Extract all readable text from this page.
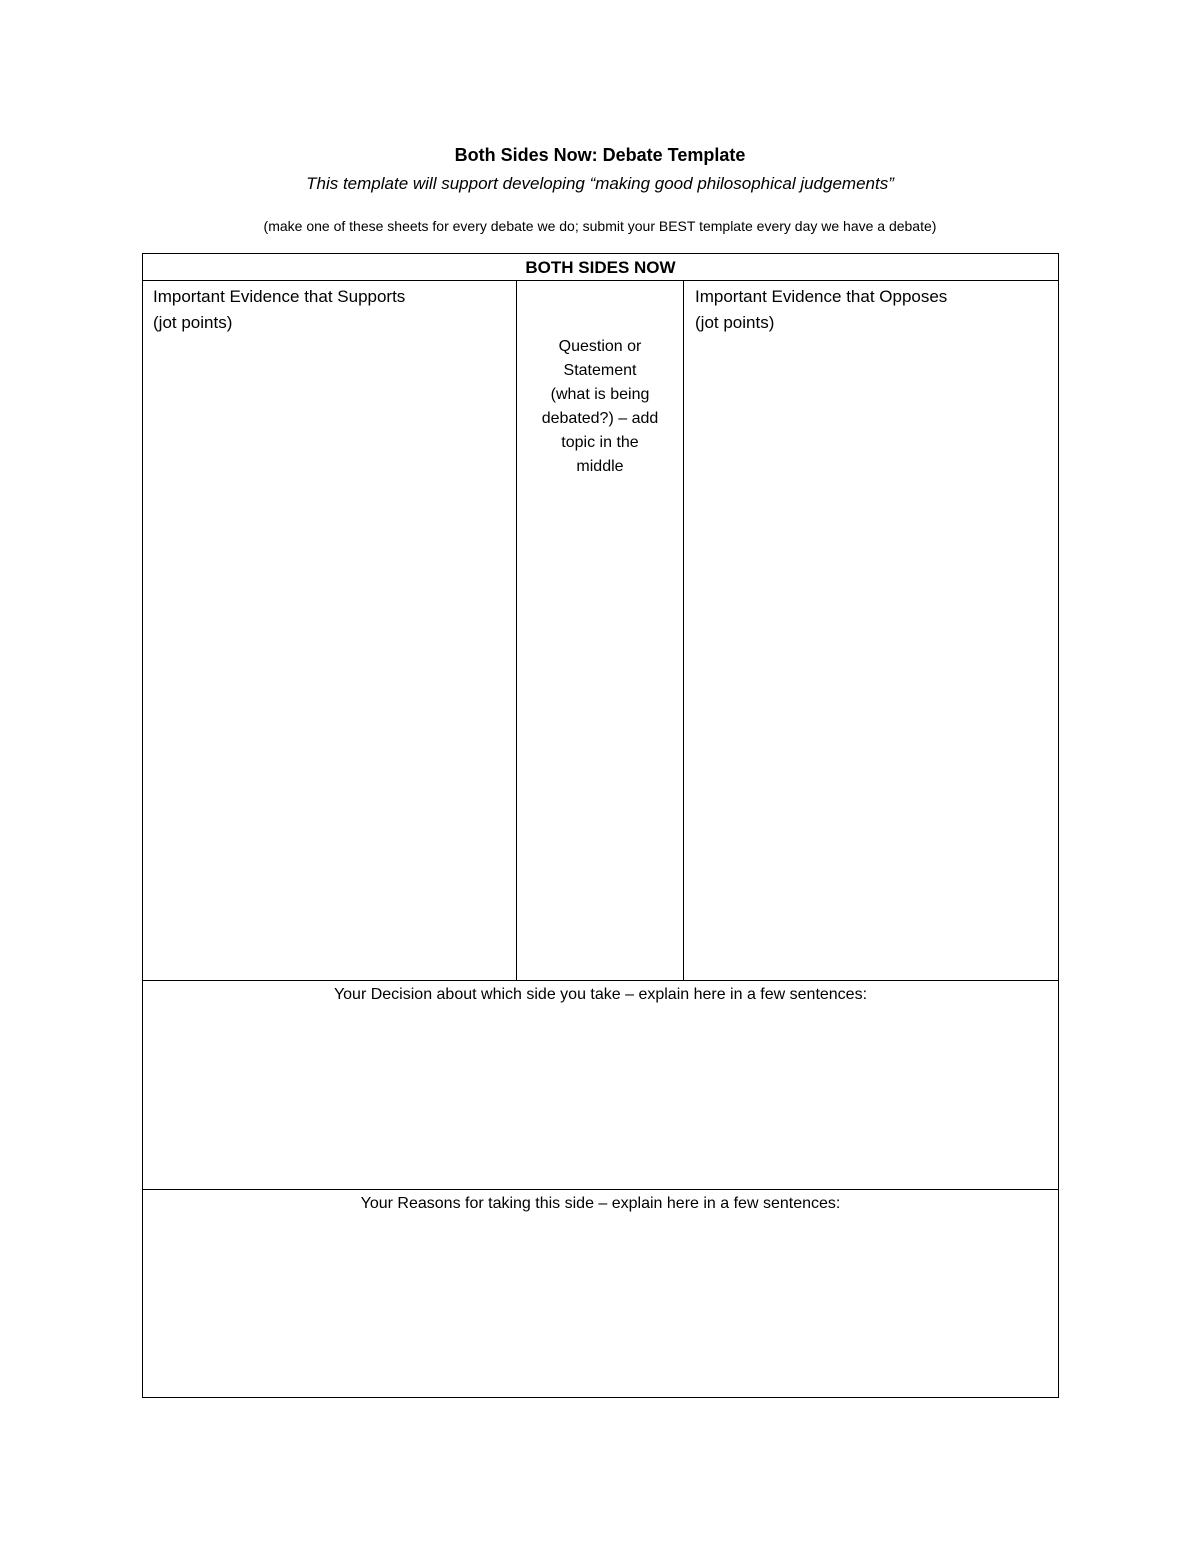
Both Sides Now: Debate Template
This template will support developing “making good philosophical judgements”
(make one of these sheets for every debate we do; submit your BEST template every day we have a debate)
BOTH SIDES NOW
Important Evidence that Supports
(jot points)
Question or
Statement
(what is being
debated?) – add
topic in the
middle
Important Evidence that Opposes
(jot points)
Your Decision about which side you take – explain here in a few sentences:
Your Reasons for taking this side – explain here in a few sentences:
